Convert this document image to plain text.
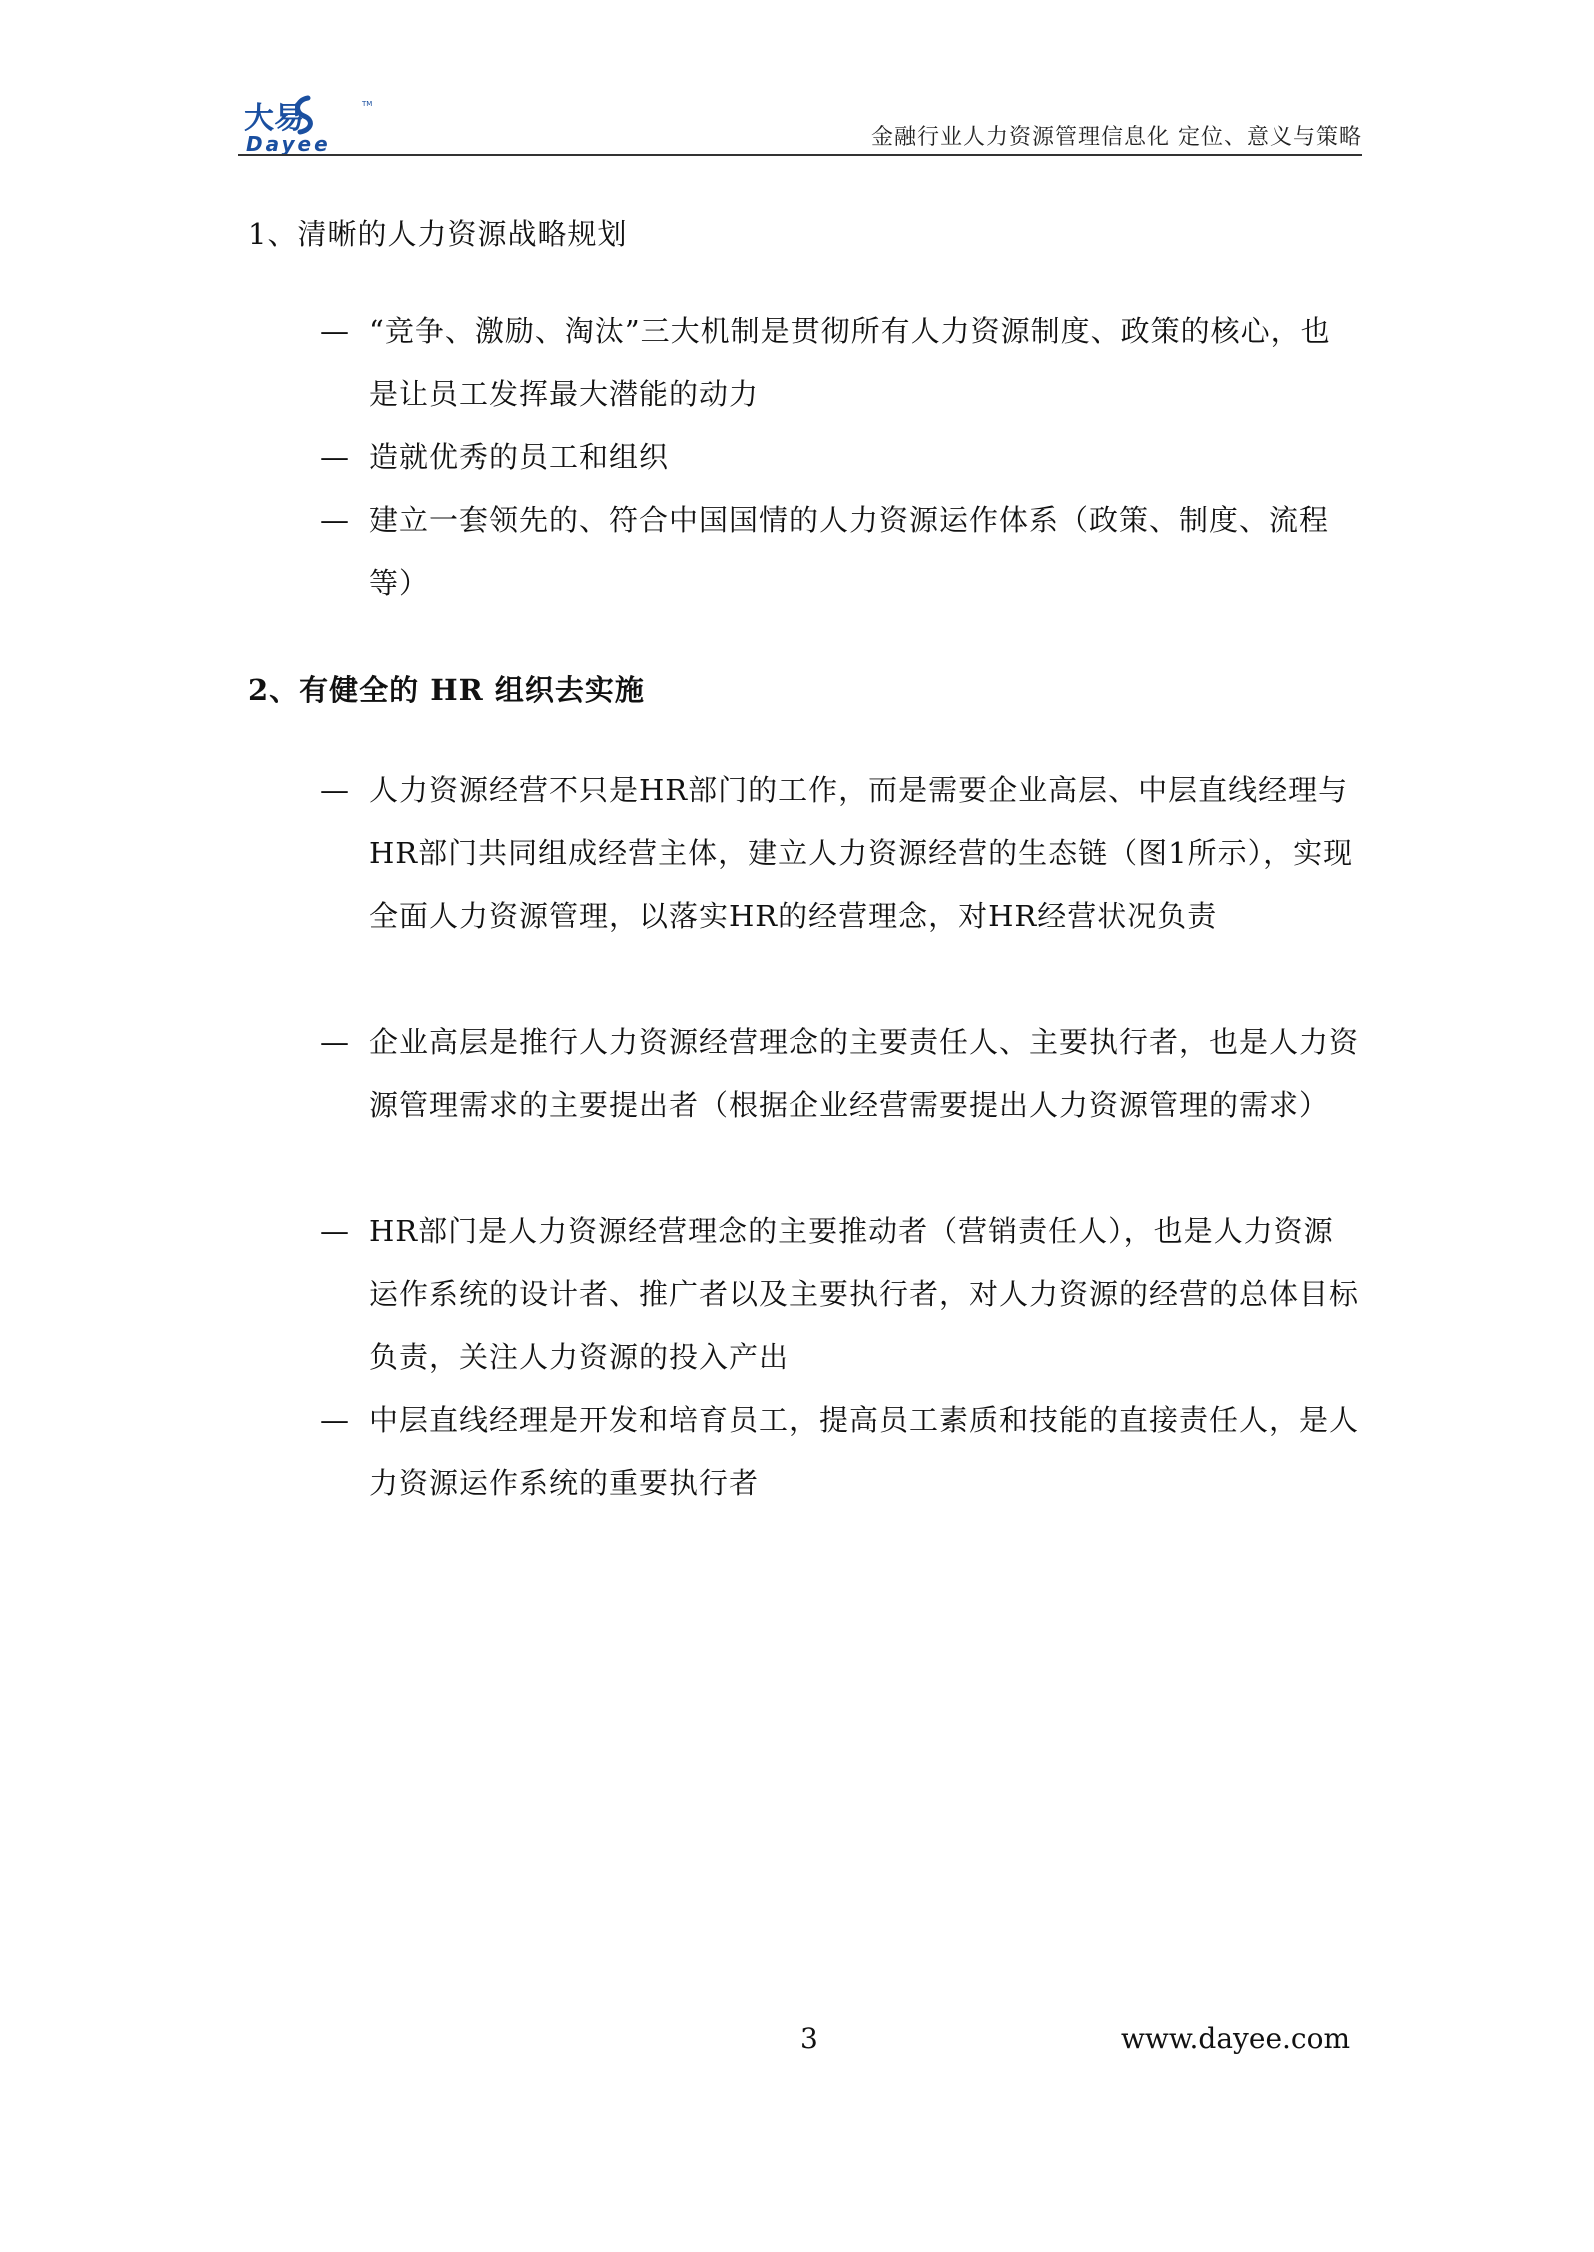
大易
Dayee
TM
金融行业人力资源管理信息化 定位、意义与策略
1、清晰的人力资源战略规划
— “竞争、激励、淘汰”三大机制是贯彻所有人力资源制度、政策的核心，也是让员工发挥最大潜能的动力
— 造就优秀的员工和组织
— 建立一套领先的、符合中国国情的人力资源运作体系（政策、制度、流程等）
2、有健全的 HR 组织去实施
— 人力资源经营不只是HR部门的工作，而是需要企业高层、中层直线经理与HR部门共同组成经营主体，建立人力资源经营的生态链（图1所示），实现全面人力资源管理，以落实HR的经营理念，对HR经营状况负责
— 企业高层是推行人力资源经营理念的主要责任人、主要执行者，也是人力资源管理需求的主要提出者（根据企业经营需要提出人力资源管理的需求）
— HR部门是人力资源经营理念的主要推动者（营销责任人），也是人力资源运作系统的设计者、推广者以及主要执行者，对人力资源的经营的总体目标负责，关注人力资源的投入产出
— 中层直线经理是开发和培育员工，提高员工素质和技能的直接责任人，是人力资源运作系统的重要执行者
3	www.dayee.com
